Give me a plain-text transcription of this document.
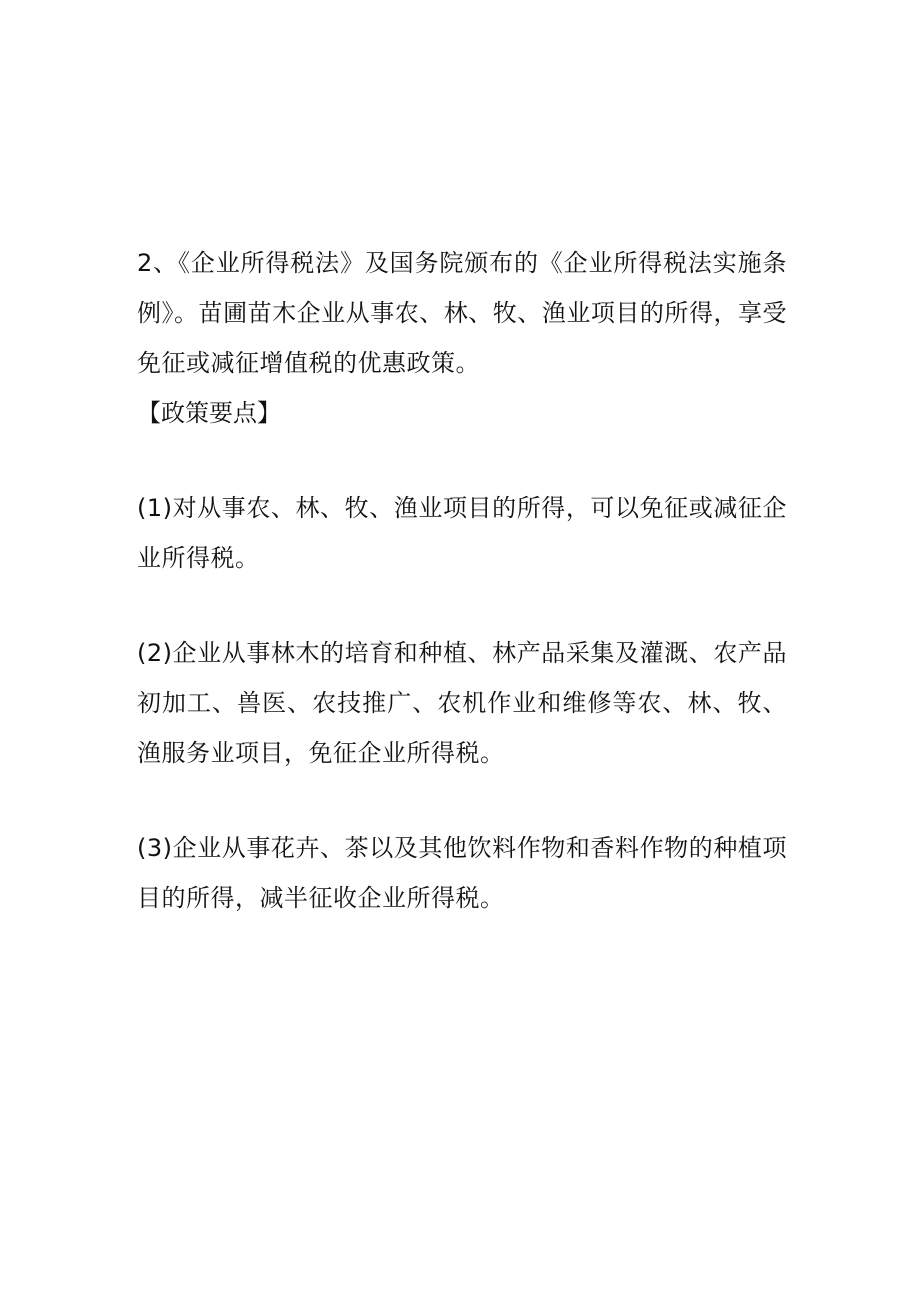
2、《企业所得税法》及国务院颁布的《企业所得税法实施条例》。苗圃苗木企业从事农、林、牧、渔业项目的所得，享受免征或减征增值税的优惠政策。

【政策要点】

(1)对从事农、林、牧、渔业项目的所得，可以免征或减征企业所得税。

(2)企业从事林木的培育和种植、林产品采集及灌溉、农产品初加工、兽医、农技推广、农机作业和维修等农、林、牧、渔服务业项目，免征企业所得税。

(3)企业从事花卉、茶以及其他饮料作物和香料作物的种植项目的所得，减半征收企业所得税。
